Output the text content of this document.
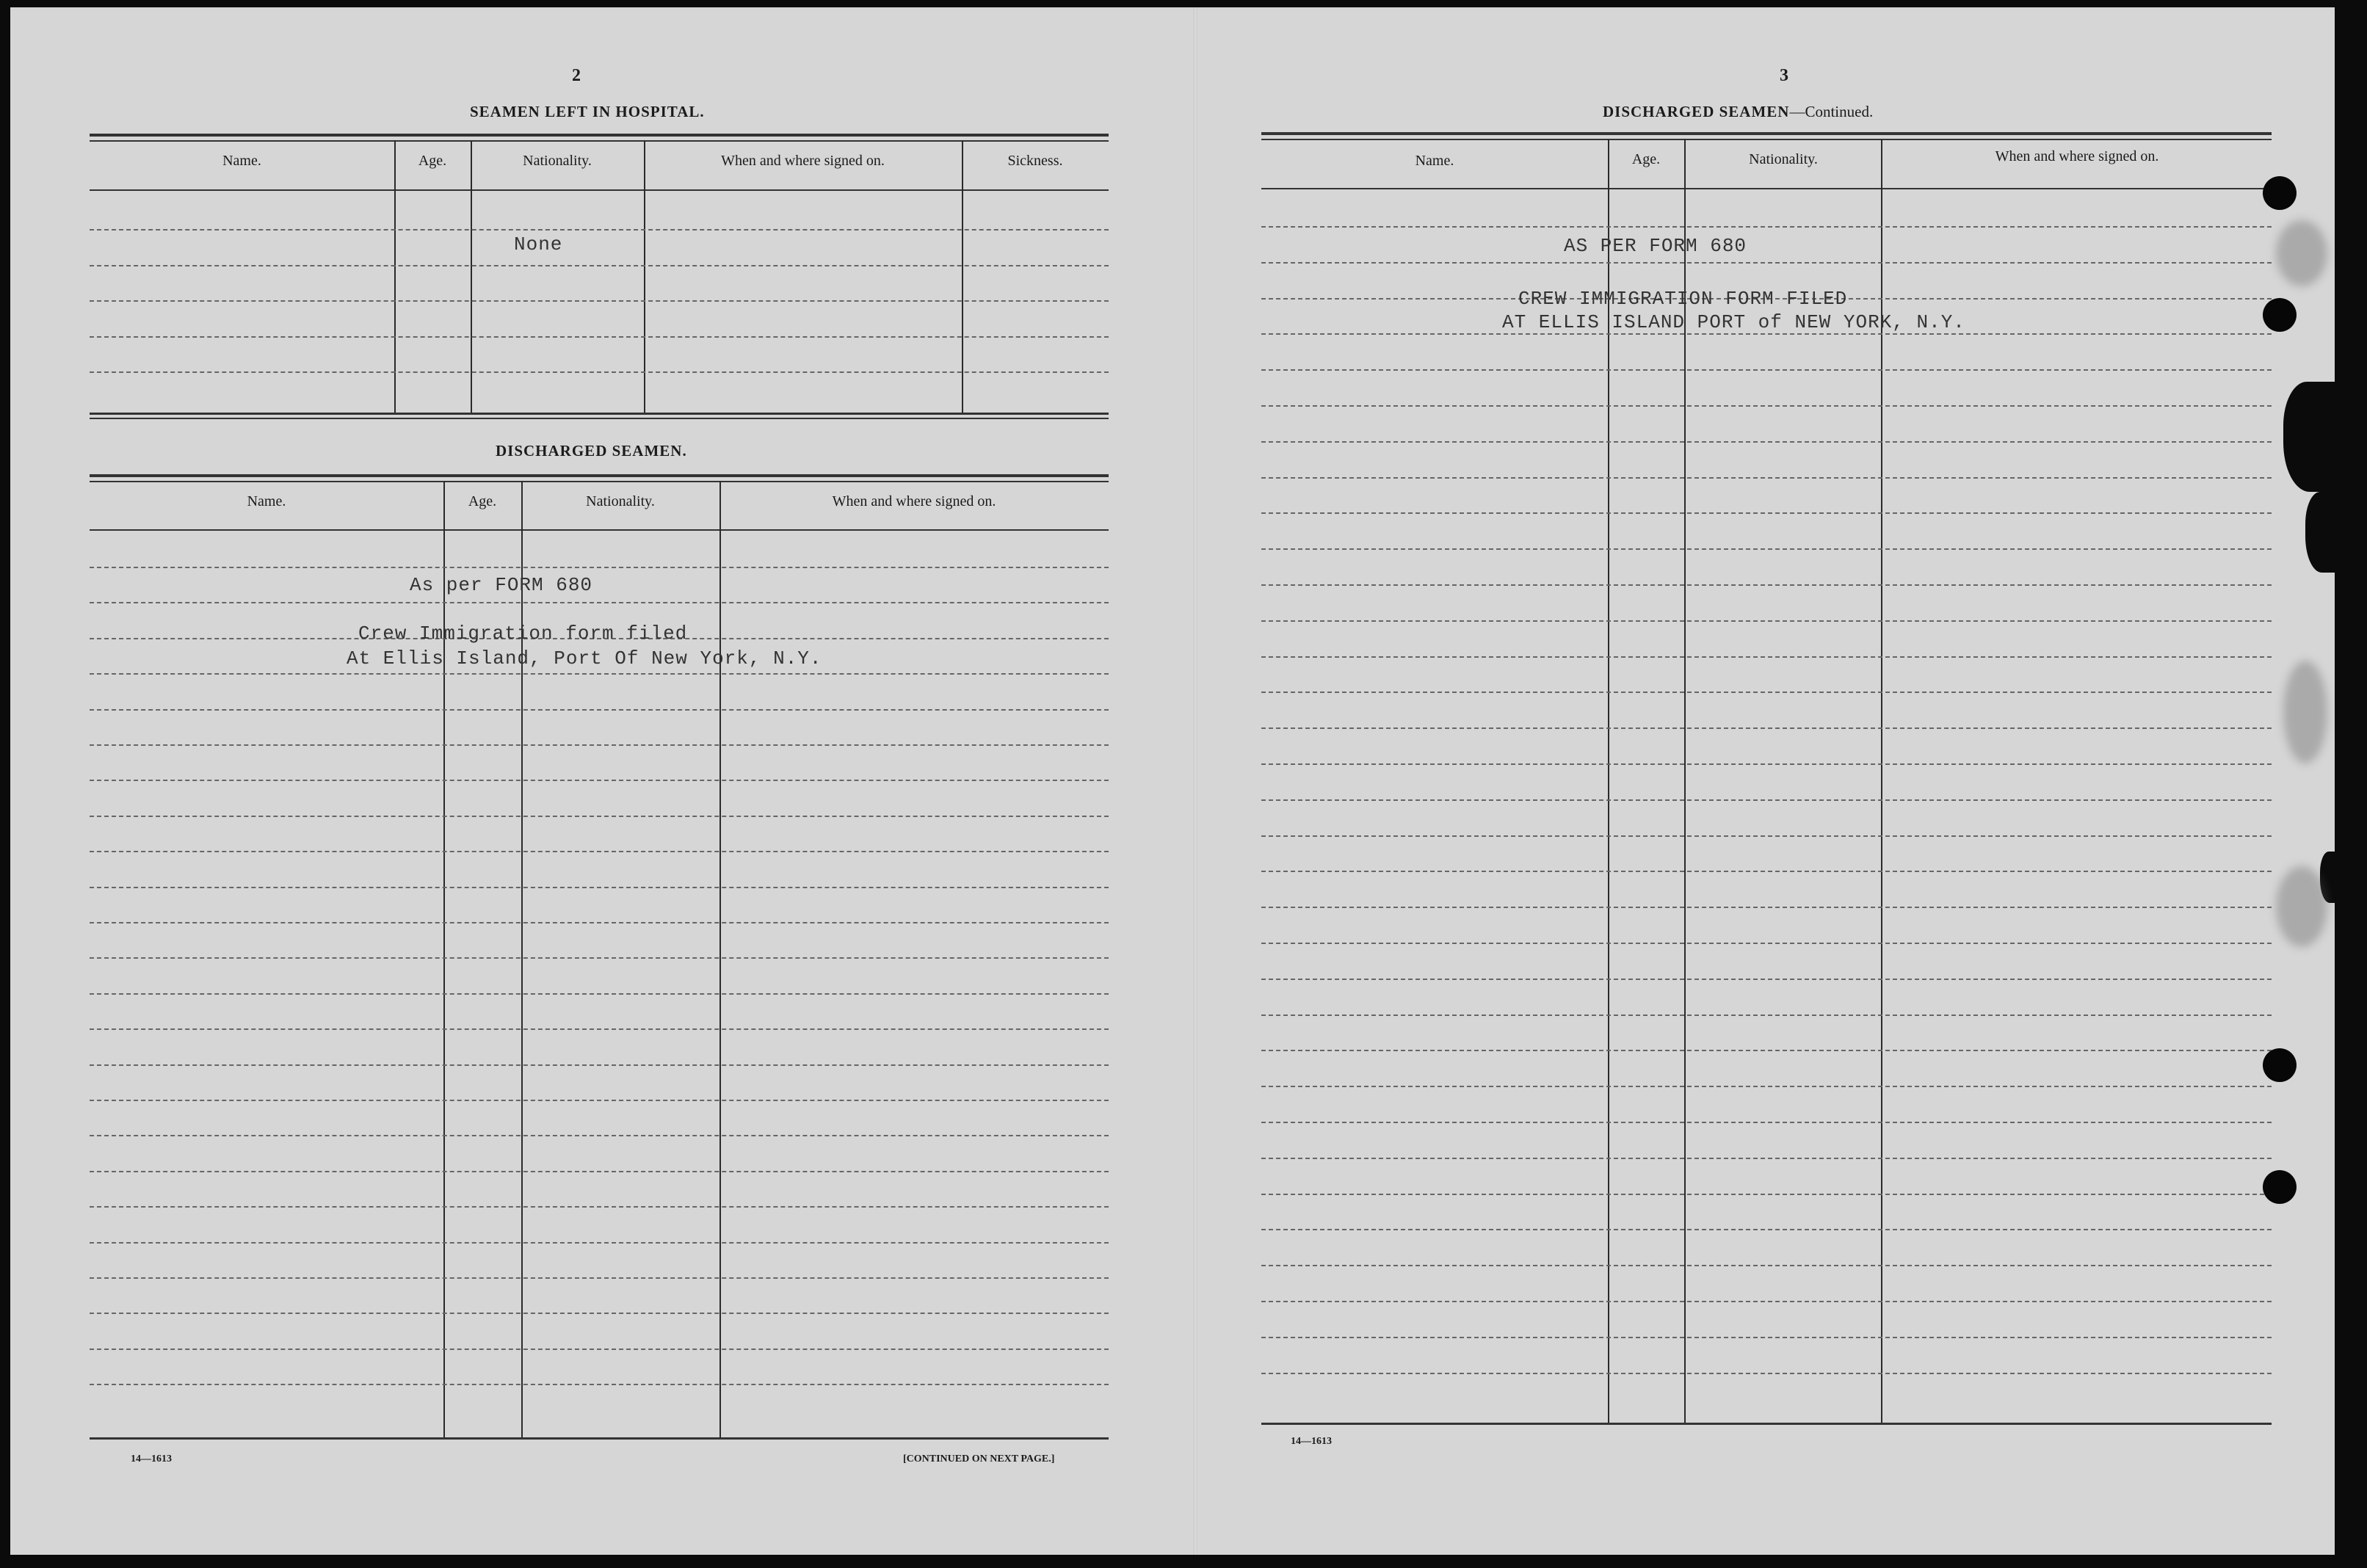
2
SEAMEN LEFT IN HOSPITAL.
Name.	Age.	Nationality.	When and where signed on.	Sickness.
None
DISCHARGED SEAMEN.
Name.	Age.	Nationality.	When and where signed on.
As per FORM 680
Crew Immigration form filed
At Ellis Island, Port Of New York, N.Y.
14—1613	[CONTINUED ON NEXT PAGE.]
3
DISCHARGED SEAMEN—Continued.
Name.	Age.	Nationality.	When and where signed on.
AS PER FORM 680
CREW IMMIGRATION FORM FILED
AT ELLIS ISLAND PORT of NEW YORK, N.Y.
14—1613
